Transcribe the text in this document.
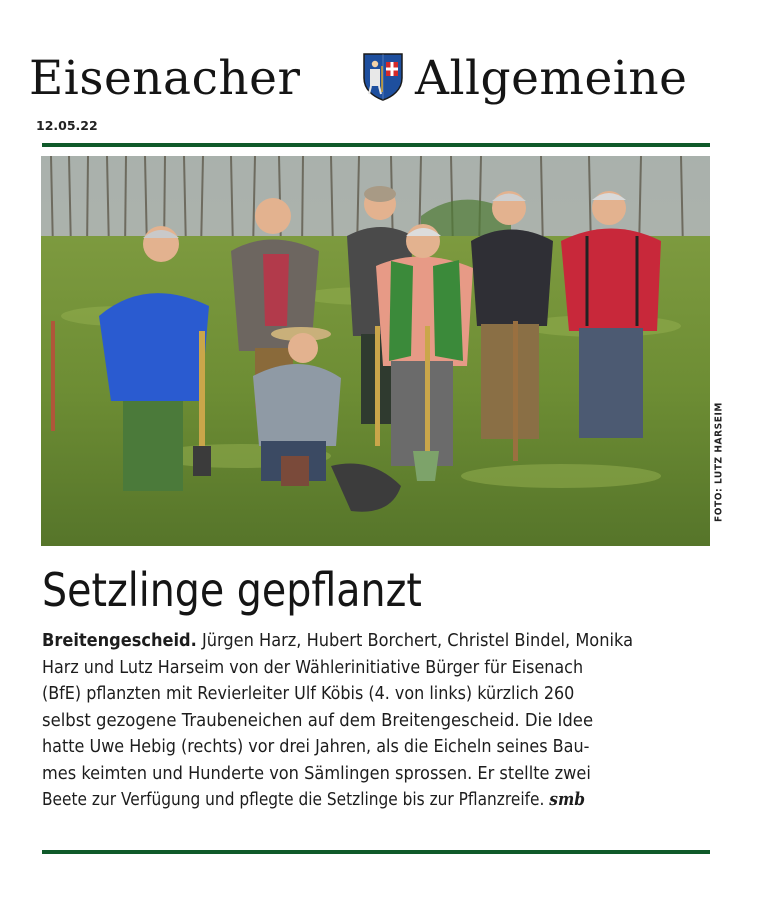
Eisenacher Allgemeine
12.05.22
FOTO: LUTZ HARSEIM
Setzlinge gepflanzt
Breitengescheid. Jürgen Harz, Hubert Borchert, Christel Bindel, Monika
Harz und Lutz Harseim von der Wählerinitiative Bürger für Eisenach
(BfE) pflanzten mit Revierleiter Ulf Köbis (4. von links) kürzlich 260
selbst gezogene Traubeneichen auf dem Breitengescheid. Die Idee
hatte Uwe Hebig (rechts) vor drei Jahren, als die Eicheln seines Bau-
mes keimten und Hunderte von Sämlingen sprossen. Er stellte zwei
Beete zur Verfügung und pflegte die Setzlinge bis zur Pflanzreife. smb
